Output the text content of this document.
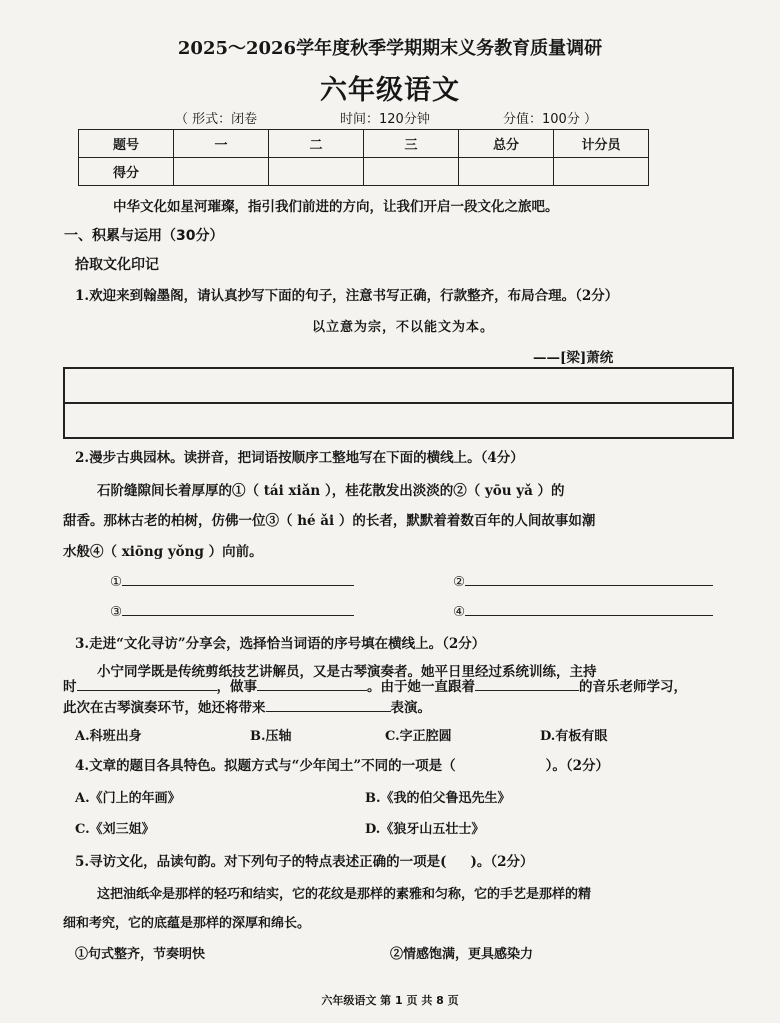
2025～2026学年度秋季学期期末义务教育质量调研
六年级语文
（ 形式：闭卷	时间：120分钟	分值：100分 ）
题号	一	二	三	总分	计分员
得分					
中华文化如星河璀璨，指引我们前进的方向，让我们开启一段文化之旅吧。
一、积累与运用（30分）
拾取文化印记
1.欢迎来到翰墨阁，请认真抄写下面的句子，注意书写正确，行款整齐，布局合理。（2分）
以立意为宗，不以能文为本。
——[梁]萧统
2.漫步古典园林。读拼音，把词语按顺序工整地写在下面的横线上。（4分）
石阶缝隙间长着厚厚的①（ tái xiǎn ），桂花散发出淡淡的②（ yōu yǎ ）的
甜香。那林古老的柏树，仿佛一位③（ hé ǎi ）的长者，默默着着数百年的人间故事如潮
水般④（ xiōng yǒng ）向前。
①	②
③	④
3.走进“文化寻访”分享会，选择恰当词语的序号填在横线上。（2分）
小宁同学既是传统剪纸技艺讲解员，又是古琴演奏者。她平日里经过系统训练，主持
时	，做事	。由于她一直跟着	的音乐老师学习，
此次在古琴演奏环节，她还将带来	表演。
A.科班出身	B.压轴	C.字正腔圆	D.有板有眼
4.文章的题目各具特色。拟题方式与“少年闰土”不同的一项是（	）。（2分）
A.《门上的年画》	B.《我的伯父鲁迅先生》
C.《刘三姐》	D.《狼牙山五壮士》
5.寻访文化，品读句韵。对下列句子的特点表述正确的一项是( )。（2分）
这把油纸伞是那样的轻巧和结实，它的花纹是那样的素雅和匀称，它的手艺是那样的精
细和考究，它的底蕴是那样的深厚和绵长。
①句式整齐，节奏明快	②情感饱满，更具感染力
六年级语文 第 1 页 共 8 页
